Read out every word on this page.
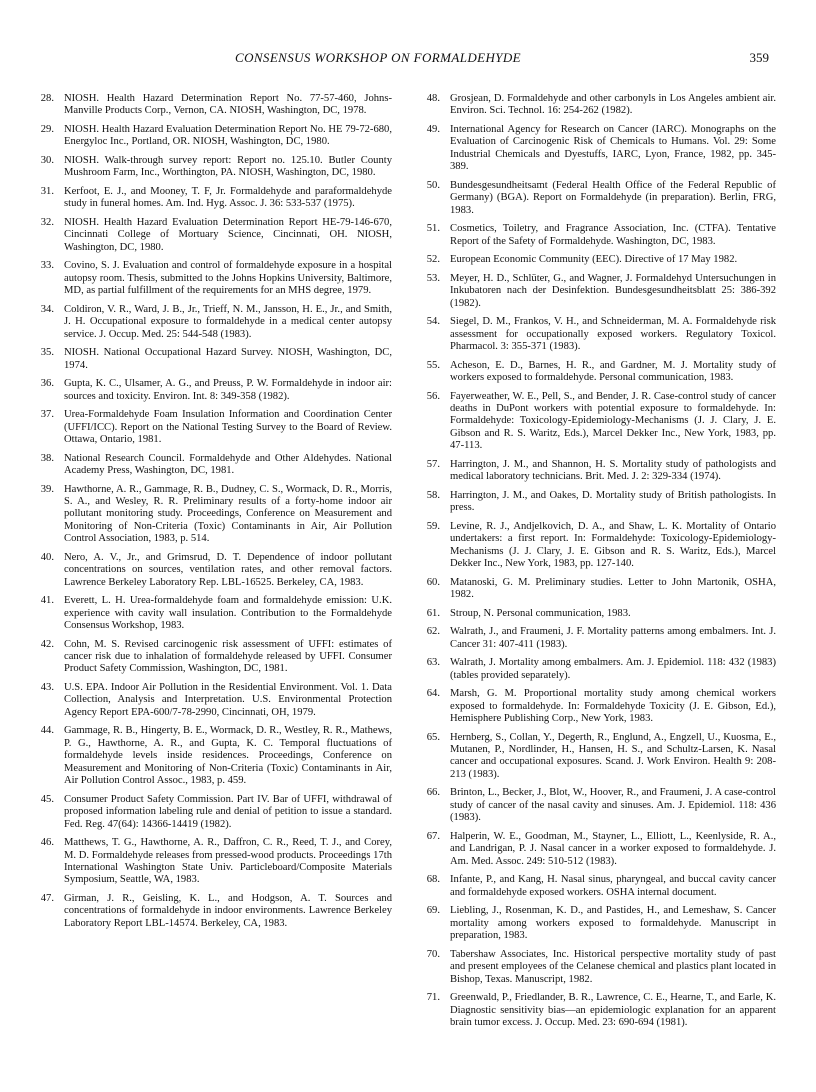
CONSENSUS WORKSHOP ON FORMALDEHYDE	359
28. NIOSH. Health Hazard Determination Report No. 77-57-460, Johns-Manville Products Corp., Vernon, CA. NIOSH, Washington, DC, 1978.
29. NIOSH. Health Hazard Evaluation Determination Report No. HE 79-72-680, Energyloc Inc., Portland, OR. NIOSH, Washington, DC, 1980.
30. NIOSH. Walk-through survey report: Report no. 125.10. Butler County Mushroom Farm, Inc., Worthington, PA. NIOSH, Washington, DC, 1980.
31. Kerfoot, E. J., and Mooney, T. F, Jr. Formaldehyde and paraformaldehyde study in funeral homes. Am. Ind. Hyg. Assoc. J. 36: 533-537 (1975).
32. NIOSH. Health Hazard Evaluation Determination Report HE-79-146-670, Cincinnati College of Mortuary Science, Cincinnati, OH. NIOSH, Washington, DC, 1980.
33. Covino, S. J. Evaluation and control of formaldehyde exposure in a hospital autopsy room. Thesis, submitted to the Johns Hopkins University, Baltimore, MD, as partial fulfillment of the requirements for an MHS degree, 1979.
34. Coldiron, V. R., Ward, J. B., Jr., Trieff, N. M., Jansson, H. E., Jr., and Smith, J. H. Occupational exposure to formaldehyde in a medical center autopsy service. J. Occup. Med. 25: 544-548 (1983).
35. NIOSH. National Occupational Hazard Survey. NIOSH, Washington, DC, 1974.
36. Gupta, K. C., Ulsamer, A. G., and Preuss, P. W. Formaldehyde in indoor air: sources and toxicity. Environ. Int. 8: 349-358 (1982).
37. Urea-Formaldehyde Foam Insulation Information and Coordination Center (UFFI/ICC). Report on the National Testing Survey to the Board of Review. Ottawa, Ontario, 1981.
38. National Research Council. Formaldehyde and Other Aldehydes. National Academy Press, Washington, DC, 1981.
39. Hawthorne, A. R., Gammage, R. B., Dudney, C. S., Wormack, D. R., Morris, S. A., and Wesley, R. R. Preliminary results of a forty-home indoor air pollutant monitoring study. Proceedings, Conference on Measurement and Monitoring of Non-Criteria (Toxic) Contaminants in Air, Air Pollution Control Association, 1983, p. 514.
40. Nero, A. V., Jr., and Grimsrud, D. T. Dependence of indoor pollutant concentrations on sources, ventilation rates, and other removal factors. Lawrence Berkeley Laboratory Rep. LBL-16525. Berkeley, CA, 1983.
41. Everett, L. H. Urea-formaldehyde foam and formaldehyde emission: U.K. experience with cavity wall insulation. Contribution to the Formaldehyde Consensus Workshop, 1983.
42. Cohn, M. S. Revised carcinogenic risk assessment of UFFI: estimates of cancer risk due to inhalation of formaldehyde released by UFFI. Consumer Product Safety Commission, Washington, DC, 1981.
43. U.S. EPA. Indoor Air Pollution in the Residential Environment. Vol. 1. Data Collection, Analysis and Interpretation. U.S. Environmental Protection Agency Report EPA-600/7-78-2990, Cincinnati, OH, 1979.
44. Gammage, R. B., Hingerty, B. E., Wormack, D. R., Westley, R. R., Mathews, P. G., Hawthorne, A. R., and Gupta, K. C. Temporal fluctuations of formaldehyde levels inside residences. Proceedings, Conference on Measurement and Monitoring of Non-Criteria (Toxic) Contaminants in Air, Air Pollution Control Assoc., 1983, p. 459.
45. Consumer Product Safety Commission. Part IV. Bar of UFFI, withdrawal of proposed information labeling rule and denial of petition to issue a standard. Fed. Reg. 47(64): 14366-14419 (1982).
46. Matthews, T. G., Hawthorne, A. R., Daffron, C. R., Reed, T. J., and Corey, M. D. Formaldehyde releases from pressed-wood products. Proceedings 17th International Washington State Univ. Particleboard/Composite Materials Symposium, Seattle, WA, 1983.
47. Girman, J. R., Geisling, K. L., and Hodgson, A. T. Sources and concentrations of formaldehyde in indoor environments. Lawrence Berkeley Laboratory Report LBL-14574. Berkeley, CA, 1983.
48. Grosjean, D. Formaldehyde and other carbonyls in Los Angeles ambient air. Environ. Sci. Technol. 16: 254-262 (1982).
49. International Agency for Research on Cancer (IARC). Monographs on the Evaluation of Carcinogenic Risk of Chemicals to Humans. Vol. 29: Some Industrial Chemicals and Dyestuffs, IARC, Lyon, France, 1982, pp. 345-389.
50. Bundesgesundheitsamt (Federal Health Office of the Federal Republic of Germany) (BGA). Report on Formaldehyde (in preparation). Berlin, FRG, 1983.
51. Cosmetics, Toiletry, and Fragrance Association, Inc. (CTFA). Tentative Report of the Safety of Formaldehyde. Washington, DC, 1983.
52. European Economic Community (EEC). Directive of 17 May 1982.
53. Meyer, H. D., Schlüter, G., and Wagner, J. Formaldehyd Untersuchungen in Inkubatoren nach der Desinfektion. Bundesgesundheitsblatt 25: 386-392 (1982).
54. Siegel, D. M., Frankos, V. H., and Schneiderman, M. A. Formaldehyde risk assessment for occupationally exposed workers. Regulatory Toxicol. Pharmacol. 3: 355-371 (1983).
55. Acheson, E. D., Barnes, H. R., and Gardner, M. J. Mortality study of workers exposed to formaldehyde. Personal communication, 1983.
56. Fayerweather, W. E., Pell, S., and Bender, J. R. Case-control study of cancer deaths in DuPont workers with potential exposure to formaldehyde. In: Formaldehyde: Toxicology-Epidemiology-Mechanisms (J. J. Clary, J. E. Gibson and R. S. Waritz, Eds.), Marcel Dekker Inc., New York, 1983, pp. 47-113.
57. Harrington, J. M., and Shannon, H. S. Mortality study of pathologists and medical laboratory technicians. Brit. Med. J. 2: 329-334 (1974).
58. Harrington, J. M., and Oakes, D. Mortality study of British pathologists. In press.
59. Levine, R. J., Andjelkovich, D. A., and Shaw, L. K. Mortality of Ontario undertakers: a first report. In: Formaldehyde: Toxicology-Epidemiology-Mechanisms (J. J. Clary, J. E. Gibson and R. S. Waritz, Eds.), Marcel Dekker Inc., New York, 1983, pp. 127-140.
60. Matanoski, G. M. Preliminary studies. Letter to John Martonik, OSHA, 1982.
61. Stroup, N. Personal communication, 1983.
62. Walrath, J., and Fraumeni, J. F. Mortality patterns among embalmers. Int. J. Cancer 31: 407-411 (1983).
63. Walrath, J. Mortality among embalmers. Am. J. Epidemiol. 118: 432 (1983) (tables provided separately).
64. Marsh, G. M. Proportional mortality study among chemical workers exposed to formaldehyde. In: Formaldehyde Toxicity (J. E. Gibson, Ed.), Hemisphere Publishing Corp., New York, 1983.
65. Hernberg, S., Collan, Y., Degerth, R., Englund, A., Engzell, U., Kuosma, E., Mutanen, P., Nordlinder, H., Hansen, H. S., and Schultz-Larsen, K. Nasal cancer and occupational exposures. Scand. J. Work Environ. Health 9: 208-213 (1983).
66. Brinton, L., Becker, J., Blot, W., Hoover, R., and Fraumeni, J. A case-control study of cancer of the nasal cavity and sinuses. Am. J. Epidemiol. 118: 436 (1983).
67. Halperin, W. E., Goodman, M., Stayner, L., Elliott, L., Keenlyside, R. A., and Landrigan, P. J. Nasal cancer in a worker exposed to formaldehyde. J. Am. Med. Assoc. 249: 510-512 (1983).
68. Infante, P., and Kang, H. Nasal sinus, pharyngeal, and buccal cavity cancer and formaldehyde exposed workers. OSHA internal document.
69. Liebling, J., Rosenman, K. D., and Pastides, H., and Lemeshaw, S. Cancer mortality among workers exposed to formaldehyde. Manuscript in preparation, 1983.
70. Tabershaw Associates, Inc. Historical perspective mortality study of past and present employees of the Celanese chemical and plastics plant located in Bishop, Texas. Manuscript, 1982.
71. Greenwald, P., Friedlander, B. R., Lawrence, C. E., Hearne, T., and Earle, K. Diagnostic sensitivity bias—an epidemiologic explanation for an apparent brain tumor excess. J. Occup. Med. 23: 690-694 (1981).
